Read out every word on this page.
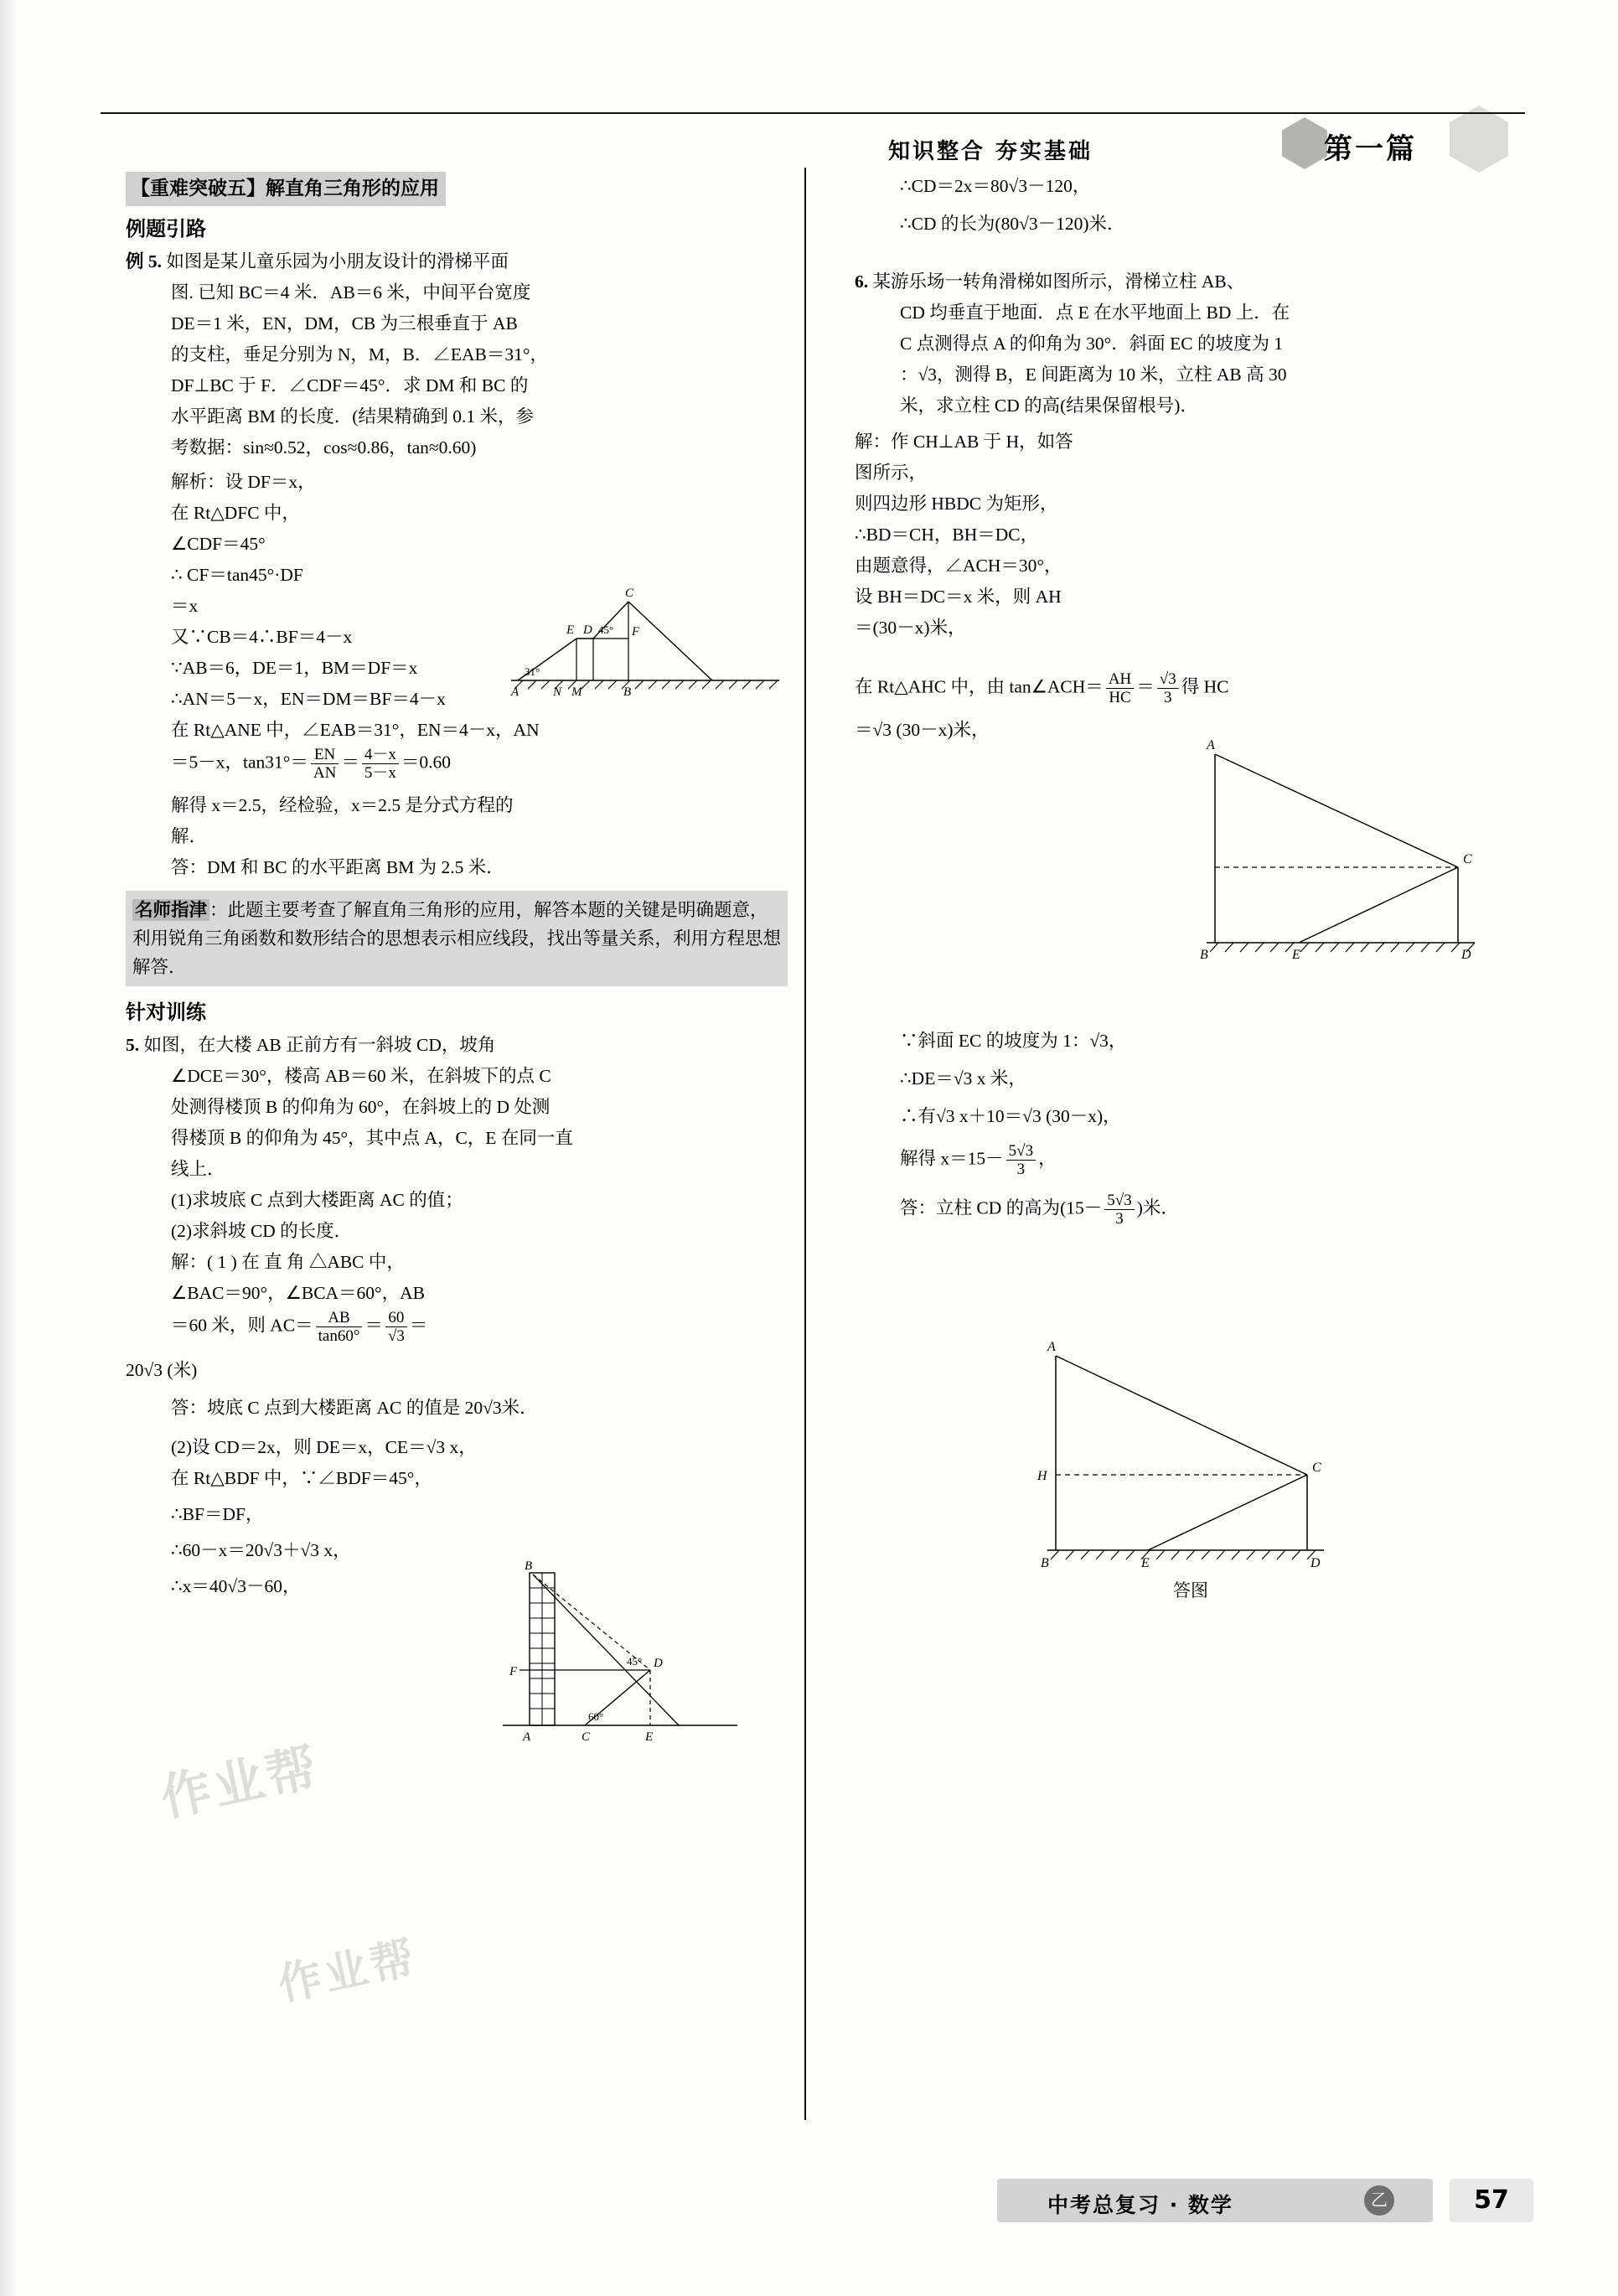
知识整合 夯实基础	第一篇
【重难突破五】解直角三角形的应用
例题引路
例 5. 如图是某儿童乐园为小朋友设计的滑梯平面
图. 已知 BC＝4 米．AB＝6 米，中间平台宽度
DE＝1 米，EN，DM，CB 为三根垂直于 AB
的支柱，垂足分别为 N，M，B．∠EAB＝31°，
DF⊥BC 于 F．∠CDF＝45°．求 DM 和 BC 的
水平距离 BM 的长度．(结果精确到 0.1 米，参
考数据：sin≈0.52，cos≈0.86，tan≈0.60)
解析：设 DF＝x，
在 Rt△DFC 中，
∠CDF＝45°
∴ CF＝tan45°·DF
＝x
又∵CB＝4∴BF＝4－x
∵AB＝6，DE＝1，BM＝DF＝x
∴AN＝5－x，EN＝DM＝BF＝4－x
在 Rt△ANE 中，∠EAB＝31°，EN＝4－x，AN
＝5－x，$\tan 31^\circ= \frac{EN}{AN} = \frac{4-x}{5-x} =0.60$
解得 x＝2.5，经检验，x＝2.5 是分式方程的
解．
答：DM 和 BC 的水平距离 BM 为 2.5 米．
名师指津 ：此题主要考查了解直角三角形的应用，解答本题的关键是明确题意，利用锐角三角函数和数形结合的思想表示相应线段，找出等量关系，利用方程思想解答．
针对训练
5. 如图，在大楼 AB 正前方有一斜坡 CD，坡角
∠DCE＝30°，楼高 AB＝60 米，在斜坡下的点 C
处测得楼顶 B 的仰角为 60°，在斜坡上的 D 处测
得楼顶 B 的仰角为 45°，其中点 A，C，E 在同一直
线上．
(1)求坡底 C 点到大楼距离 AC 的值；
(2)求斜坡 CD 的长度．
解：( 1 ) 在 直 角 △ABC 中，
∠BAC＝90°，∠BCA＝60°，AB
＝60 米，则 $AC= \frac{AB}{\tan 60^\circ} = \frac{60}{√3}$ ＝
20√3 (米)
答：坡底 C 点到大楼距离 AC 的值是 20√3米．
(2)设 CD＝2x，则 DE＝x，CE＝√3 x，
在 Rt△BDF 中，∵∠BDF＝45°，
∴BF＝DF，
∴60－x＝20√3＋√3 x，
∴x＝40√3－60，
∴CD＝2x＝80√3－120，
∴CD 的长为(80√3－120)米．
6. 某游乐场一转角滑梯如图所示，滑梯立柱 AB、
CD 均垂直于地面．点 E 在水平地面上 BD 上．在
C 点测得点 A 的仰角为 30°．斜面 EC 的坡度为 1
：√3，测得 B，E 间距离为 10 米，立柱 AB 高 30
米，求立柱 CD 的高(结果保留根号)．
解：作 CH⊥AB 于 H，如答
图所示，
则四边形 HBDC 为矩形，
∴BD＝CH，BH＝DC，
由题意得，∠ACH＝30°，
设 BH＝DC＝x 米，则 AH
＝(30－x)米，
在 Rt△AHC 中，由 tan∠ACH＝ $\frac{AH}{HC} = \frac{√3}{3}$ 得 HC
＝√3 (30－x)米，
∵斜面 EC 的坡度为 1：√3，
∴DE＝√3 x 米，
∴有√3 x＋10＝√3 (30－x)，
解得 $x=15- \frac{5√3}{3}$ ，
答：立柱 CD 的高为($15- \frac{5√3}{3}$ )米．
C
E D 45° F
31°
A	N M	B
B
F
D
45°
60°
A	C	E
A
C
B	E	D
A
H
C
B	E	D
答图
作业帮
作业帮
中考总复习 · 数学	乙	57
